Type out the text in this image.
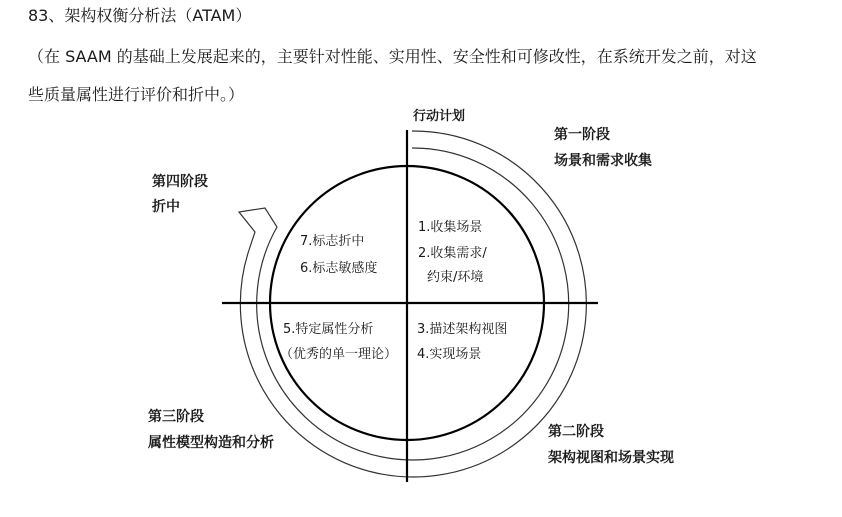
83、架构权衡分析法（ATAM）
（在 SAAM 的基础上发展起来的，主要针对性能、实用性、安全性和可修改性，在系统开发之前，对这
些质量属性进行评价和折中。）
行动计划
第一阶段
场景和需求收集
第二阶段
架构视图和场景实现
第三阶段
属性模型构造和分析
第四阶段
折中
1.收集场景
2.收集需求/
约束/环境
3.描述架构视图
4.实现场景
5.特定属性分析
（优秀的单一理论）
7.标志折中
6.标志敏感度
